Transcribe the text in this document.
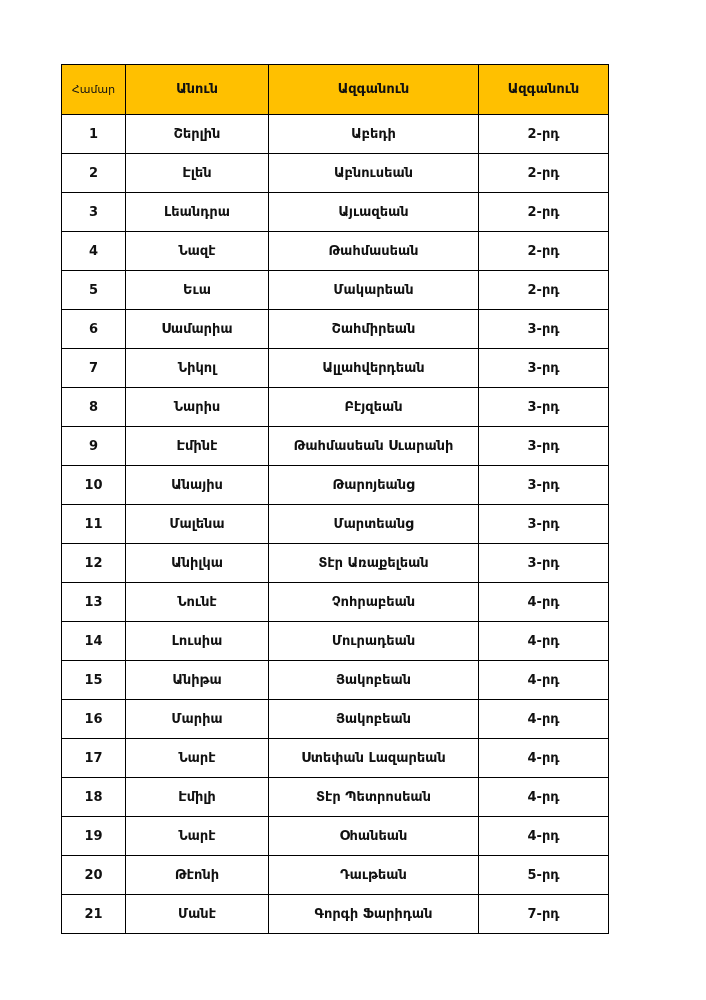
Համար	Անուն	Ազգանուն	Ազգանուն
1	Շերլին	Աբեդի	2-րդ
2	Էլեն	Աբնուսեան	2-րդ
3	Լեանդրա	Այւազեան	2-րդ
4	Նազէ	Թահմասեան	2-րդ
5	Եւա	Մակարեան	2-րդ
6	Սամարիա	Շահմիրեան	3-րդ
7	Նիկոլ	Ալլահվերդեան	3-րդ
8	Նարիս	Բէյզեան	3-րդ
9	Էմինէ	Թահմասեան Սւարանի	3-րդ
10	Անայիս	Թարոյեանց	3-րդ
11	Մալենա	Մարտեանց	3-րդ
12	Անիլկա	Տէր Առաքելեան	3-րդ
13	Նունէ	Չոհրաբեան	4-րդ
14	Լուսիա	Մուրադեան	4-րդ
15	Անիթա	Յակոբեան	4-րդ
16	Մարիա	Յակոբեան	4-րդ
17	Նարէ	Ստեփան Լազարեան	4-րդ
18	Էմիլի	Տէր Պետրոսեան	4-րդ
19	Նարէ	Օհանեան	4-րդ
20	Թէոնի	Դաւթեան	5-րդ
21	Մանէ	Գորգի Ֆարիդան	7-րդ
